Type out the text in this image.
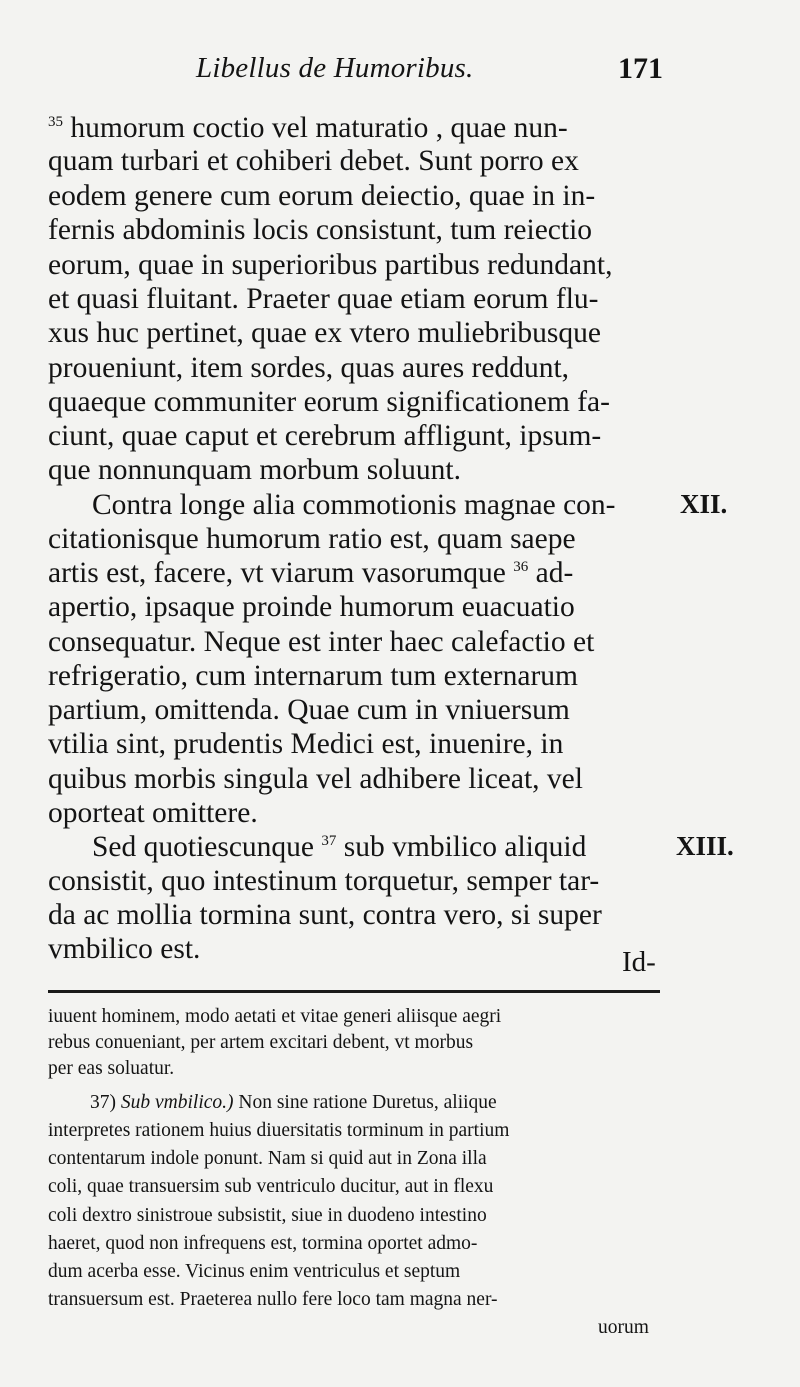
Libellus de Humoribus.	171
$^{35}$ humorum coctio vel maturatio , quae nun-
quam turbari et cohiberi debet. Sunt porro ex
eodem genere cum eorum deiectio, quae in in-
fernis abdominis locis consistunt, tum reiectio
eorum, quae in superioribus partibus redundant,
et quasi fluitant. Praeter quae etiam eorum flu-
xus huc pertinet, quae ex vtero muliebribusque
proueniunt, item sordes, quas aures reddunt,
quaeque communiter eorum significationem fa-
ciunt, quae caput et cerebrum affligunt, ipsum-
que nonnunquam morbum soluunt.
Contra longe alia commotionis magnae con-
citationisque humorum ratio est, quam saepe
artis est, facere, vt viarum vasorumque $^{36}$ ad-
apertio, ipsaque proinde humorum euacuatio
consequatur. Neque est inter haec calefactio et
refrigeratio, cum internarum tum externarum
partium, omittenda. Quae cum in vniuersum
vtilia sint, prudentis Medici est, inuenire, in
quibus morbis singula vel adhibere liceat, vel
oporteat omittere.
Sed quotiescunque $^{37}$ sub vmbilico aliquid
consistit, quo intestinum torquetur, semper tar-
da ac mollia tormina sunt, contra vero, si super
vmbilico est.
XII.
XIII.
Id-
iuuent hominem, modo aetati et vitae generi aliisque aegri
rebus conueniant, per artem excitari debent, vt morbus
per eas soluatur.
37) Sub vmbilico.) Non sine ratione Duretus, aliique
interpretes rationem huius diuersitatis torminum in partium
contentarum indole ponunt. Nam si quid aut in Zona illa
coli, quae transuersim sub ventriculo ducitur, aut in flexu
coli dextro sinistroue subsistit, siue in duodeno intestino
haeret, quod non infrequens est, tormina oportet admo-
dum acerba esse. Vicinus enim ventriculus et septum
transuersum est. Praeterea nullo fere loco tam magna ner-
uorum
